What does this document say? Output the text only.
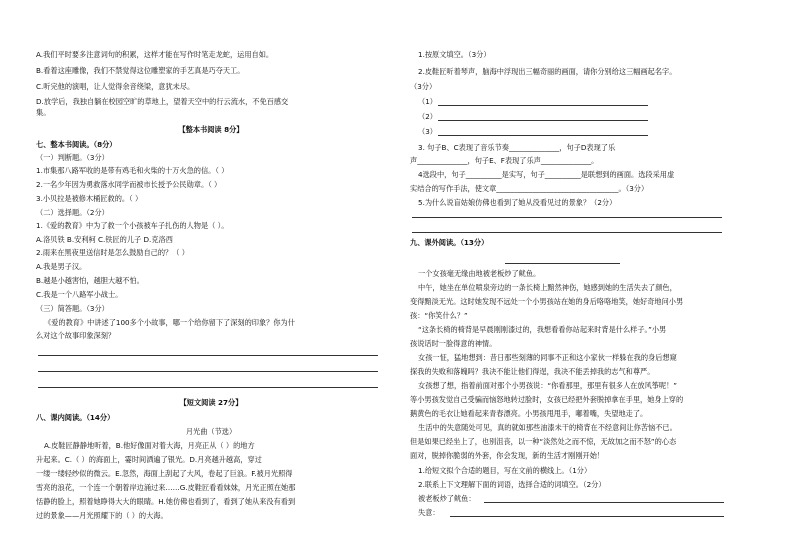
A.我们平时要多注意词句的积累，这样才能在写作时笔走龙蛇，运用自如。
B.看着这座雕像，我们不禁觉得这位雕塑家的手艺真是巧夺天工。
C.听完他的演唱，让人觉得余音绕梁，意犹未尽。
D.放学后，我独自躺在校园空旷的草地上，望着天空中的行云流水，不免百感交
集。
【整本书阅读 8分】
七、整本书阅读。（8分）
（一）判断题。（3分）
1.市集那八路军收的是带有鸡毛和火柴的十万火急的信。（ ）
2.一名少年因为勇救落水同学而被市长授予公民勋章。（ ）
3.小贝拉是被修木桶匠救的。（ ）
（二）选择题。（2分）
1.《爱的教育》中为了救一个小孩被车子扎伤的人物是（ ）。
A.洛贝铁 B.安利柯 C.铁匠的儿子 D.克洛西
2.雨来在黑夜里送信时是怎么鼓励自己的？（ ）
A.我是男子汉。
B.越是小越害怕，越胆大越不怕。
C.我是一个八路军小战士。
（三）简答题。（3分）
《爱的教育》中讲述了100多个小故事，哪一个给你留下了深刻的印象？你为什
么对这个故事印象深刻？
【短文阅读 27分】
八、课内阅读。（14分）
月光曲（节选）
A.皮鞋匠静静地听着，B.他好像面对着大海，月亮正从（ ）的地方
升起来。C.（ ）的海面上，霎时间洒遍了银光。D.月亮越升越高，穿过
一缕一缕轻纱似的微云。E.忽然，海面上刮起了大风，卷起了巨浪。F.被月光照得
雪亮的浪花，一个连一个朝着岸边涌过来……G.皮鞋匠看看妹妹，月光正照在她那
恬静的脸上，照着她睁得大大的眼睛。H.她仿佛也看到了，看到了她从来没有看到
过的景象——月光照耀下的（ ）的大海。
1.按原文填空。（3分）
2.皮鞋匠听着琴声，脑海中浮现出三幅奇丽的画面，请你分别给这三幅画起名字。
（3分）
（1）
（2）
（3）
3. 句子B、C表现了音乐节奏______________，句子D表现了乐
声______________，句子E、F表现了乐声______________。
4选段中，句子__________是实写，句子__________是联想到的画面。选段采用虚
实结合的写作手法，使文章__________________________________。（3分）
5.为什么说盲姑娘仿佛也看到了她从没看见过的景象？（2分）
九、课外阅读。（13分）
一个女孩毫无缘由地被老板炒了鱿鱼。
中午，她坐在单位喷泉旁边的一条长椅上黯然神伤，她感到她的生活失去了颜色，
变得黯淡无光。这时她发现不远处一个小男孩站在她的身后咯咯地笑，她好奇地问小男
孩：“你笑什么？”
“这条长椅的椅背是早晨刚刚漆过的，我想看看你站起来时背是什么样子。”小男
孩说话时一脸得意的神情。
女孩一怔，猛地想到：昔日那些刻薄的同事不正和这小家伙一样躲在我的身后想窥
探我的失败和落魄吗？我决不能让他们得逞，我决不能丢掉我的志气和尊严。
女孩想了想，指着前面对那个小男孩说：“你看那里，那里有很多人在放风筝呢！”
等小男孩发觉自己受骗而恼怒地转过脸时，女孩已经把外套脱掉拿在手里，她身上穿的
鹅黄色的毛衣让她看起来青春漂亮。小男孩甩甩手，嘟着嘴，失望地走了。
生活中的失意随处可见，真的就如那些油漆未干的椅背在不经意间让你苦恼不已。
但是如果已经坐上了，也别沮丧，以一种“淡然处之而不惊，无故加之而不怒”的心态
面对，脱掉你脆弱的外套，你会发现，新的生活才刚刚开始！
1.给短文拟个合适的题目，写在文前的横线上。（1分）
2.联系上下文理解下面的词语，选择合适的词填空。（2分）
被老板炒了鱿鱼：
失意：
